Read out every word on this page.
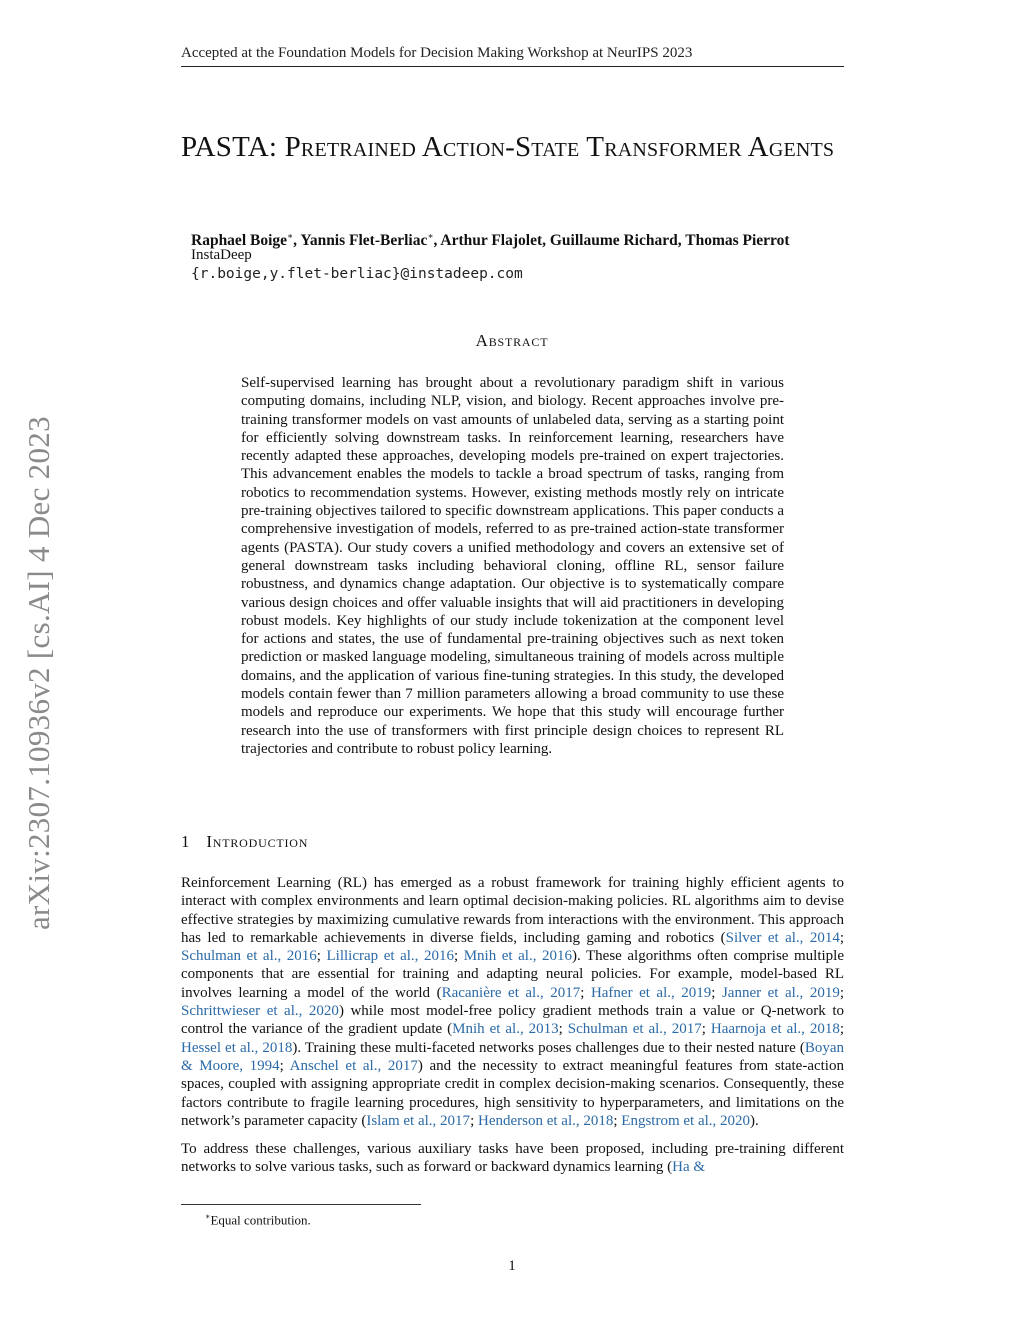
Accepted at the Foundation Models for Decision Making Workshop at NeurIPS 2023
arXiv:2307.10936v2 [cs.AI] 4 Dec 2023
PASTA: Pretrained Action-State Transformer Agents
Raphael Boige∗, Yannis Flet-Berliac∗, Arthur Flajolet, Guillaume Richard, Thomas Pierrot
InstaDeep
{r.boige,y.flet-berliac}@instadeep.com
Abstract
Self-supervised learning has brought about a revolutionary paradigm shift in various computing domains, including NLP, vision, and biology. Recent approaches involve pre-training transformer models on vast amounts of unlabeled data, serving as a starting point for efficiently solving downstream tasks. In reinforcement learning, researchers have recently adapted these approaches, developing models pre-trained on expert trajectories. This advancement enables the models to tackle a broad spectrum of tasks, ranging from robotics to recommendation systems. However, existing methods mostly rely on intricate pre-training objectives tailored to specific downstream applications. This paper conducts a comprehensive investigation of models, referred to as pre-trained action-state transformer agents (PASTA). Our study covers a unified methodology and covers an extensive set of general downstream tasks including behavioral cloning, offline RL, sensor failure robustness, and dynamics change adaptation. Our objective is to systematically compare various design choices and offer valuable insights that will aid practitioners in developing robust models. Key highlights of our study include tokenization at the component level for actions and states, the use of fundamental pre-training objectives such as next token prediction or masked language modeling, simultaneous training of models across multiple domains, and the application of various fine-tuning strategies. In this study, the developed models contain fewer than 7 million parameters allowing a broad community to use these models and reproduce our experiments. We hope that this study will encourage further research into the use of transformers with first principle design choices to represent RL trajectories and contribute to robust policy learning.
1 Introduction

Reinforcement Learning (RL) has emerged as a robust framework for training highly efficient agents to interact with complex environments and learn optimal decision-making policies. RL algorithms aim to devise effective strategies by maximizing cumulative rewards from interactions with the environment. This approach has led to remarkable achievements in diverse fields, including gaming and robotics (Silver et al., 2014; Schulman et al., 2016; Lillicrap et al., 2016; Mnih et al., 2016). These algorithms often comprise multiple components that are essential for training and adapting neural policies. For example, model-based RL involves learning a model of the world (Racanière et al., 2017; Hafner et al., 2019; Janner et al., 2019; Schrittwieser et al., 2020) while most model-free policy gradient methods train a value or Q-network to control the variance of the gradient update (Mnih et al., 2013; Schulman et al., 2017; Haarnoja et al., 2018; Hessel et al., 2018). Training these multi-faceted networks poses challenges due to their nested nature (Boyan & Moore, 1994; Anschel et al., 2017) and the necessity to extract meaningful features from state-action spaces, coupled with assigning appropriate credit in complex decision-making scenarios. Consequently, these factors contribute to fragile learning procedures, high sensitivity to hyperparameters, and limitations on the network’s parameter capacity (Islam et al., 2017; Henderson et al., 2018; Engstrom et al., 2020).

To address these challenges, various auxiliary tasks have been proposed, including pre-training different networks to solve various tasks, such as forward or backward dynamics learning (Ha &

∗Equal contribution.
1
